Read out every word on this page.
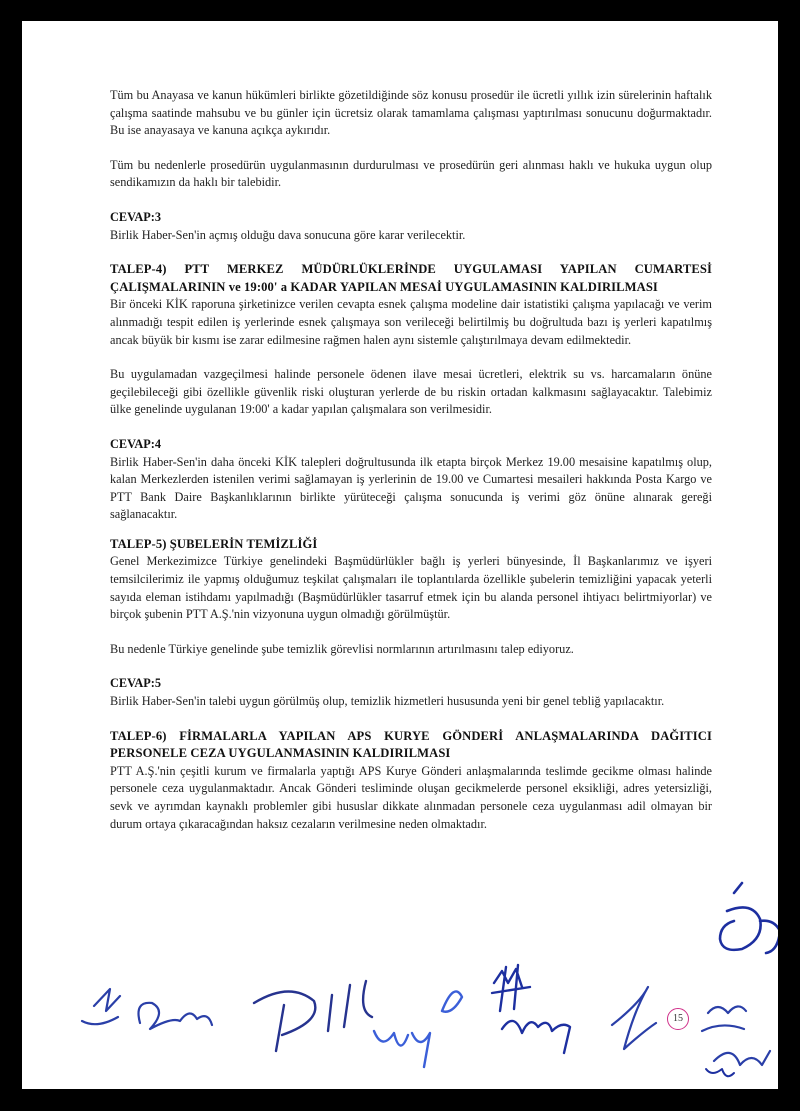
Tüm bu Anayasa ve kanun hükümleri birlikte gözetildiğinde söz konusu prosedür ile ücretli yıllık izin sürelerinin haftalık çalışma saatinde mahsubu ve bu günler için ücretsiz olarak tamamlama çalışması yaptırılması sonucunu doğurmaktadır. Bu ise anayasaya ve kanuna açıkça aykırıdır.

Tüm bu nedenlerle prosedürün uygulanmasının durdurulması ve prosedürün geri alınması haklı ve hukuka uygun olup sendikamızın da haklı bir talebidir.

CEVAP:3

Birlik Haber-Sen'in açmış olduğu dava sonucuna göre karar verilecektir.

TALEP-4) PTT MERKEZ MÜDÜRLÜKLERİNDE UYGULAMASI YAPILAN CUMARTESİ ÇALIŞMALARININ ve 19:00' a KADAR YAPILAN MESAİ UYGULAMASININ KALDIRILMASI

Bir önceki KİK raporuna şirketinizce verilen cevapta esnek çalışma modeline dair istatistiki çalışma yapılacağı ve verim alınmadığı tespit edilen iş yerlerinde esnek çalışmaya son verileceği belirtilmiş bu doğrultuda bazı iş yerleri kapatılmış ancak büyük bir kısmı ise zarar edilmesine rağmen halen aynı sistemle çalıştırılmaya devam edilmektedir.

Bu uygulamadan vazgeçilmesi halinde personele ödenen ilave mesai ücretleri, elektrik su vs. harcamaların önüne geçilebileceği gibi özellikle güvenlik riski oluşturan yerlerde de bu riskin ortadan kalkmasını sağlayacaktır. Talebimiz ülke genelinde uygulanan 19:00' a kadar yapılan çalışmalara son verilmesidir.

CEVAP:4

Birlik Haber-Sen'in daha önceki KİK talepleri doğrultusunda ilk etapta birçok Merkez 19.00 mesaisine kapatılmış olup, kalan Merkezlerden istenilen verimi sağlamayan iş yerlerinin de 19.00 ve Cumartesi mesaileri hakkında Posta Kargo ve PTT Bank Daire Başkanlıklarının birlikte yürüteceği çalışma sonucunda iş verimi göz önüne alınarak gereği sağlanacaktır.

TALEP-5) ŞUBELERİN TEMİZLİĞİ

Genel Merkezimizce Türkiye genelindeki Başmüdürlükler bağlı iş yerleri bünyesinde, İl Başkanlarımız ve işyeri temsilcilerimiz ile yapmış olduğumuz teşkilat çalışmaları ile toplantılarda özellikle şubelerin temizliğini yapacak yeterli sayıda eleman istihdamı yapılmadığı (Başmüdürlükler tasarruf etmek için bu alanda personel ihtiyacı belirtmiyorlar) ve birçok şubenin PTT A.Ş.'nin vizyonuna uygun olmadığı görülmüştür.

Bu nedenle Türkiye genelinde şube temizlik görevlisi normlarının artırılmasını talep ediyoruz.

CEVAP:5

Birlik Haber-Sen'in talebi uygun görülmüş olup, temizlik hizmetleri hususunda yeni bir genel tebliğ yapılacaktır.

TALEP-6) FİRMALARLA YAPILAN APS KURYE GÖNDERİ ANLAŞMALARINDA DAĞITICI PERSONELE CEZA UYGULANMASININ KALDIRILMASI

PTT A.Ş.'nin çeşitli kurum ve firmalarla yaptığı APS Kurye Gönderi anlaşmalarında teslimde gecikme olması halinde personele ceza uygulanmaktadır. Ancak Gönderi tesliminde oluşan gecikmelerde personel eksikliği, adres yetersizliği, sevk ve ayrımdan kaynaklı problemler gibi hususlar dikkate alınmadan personele ceza uygulanması adil olmayan bir durum ortaya çıkaracağından haksız cezaların verilmesine neden olmaktadır.

15
